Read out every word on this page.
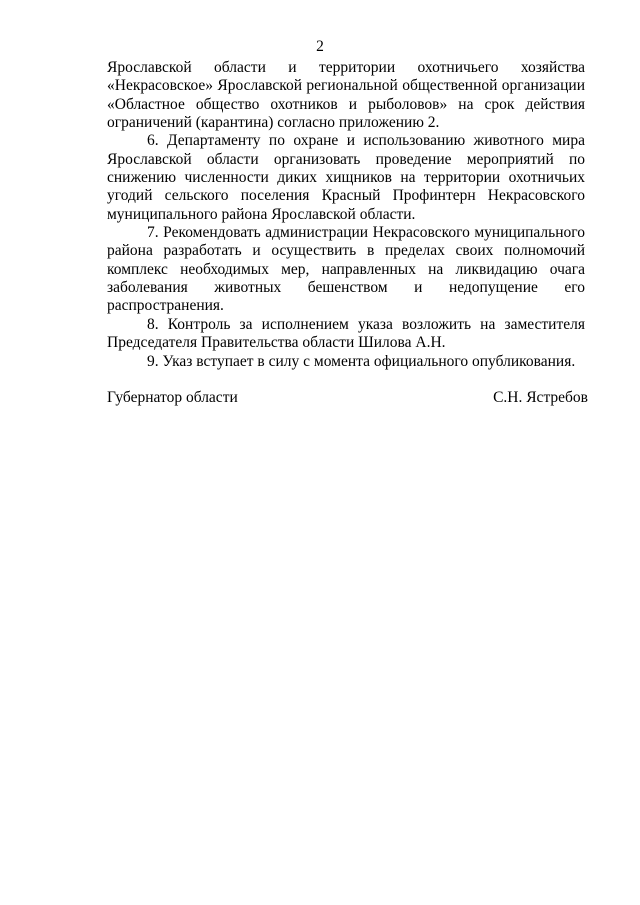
2

Ярославской области и территории охотничьего хозяйства «Некрасовское» Ярославской региональной общественной организации «Областное общество охотников и рыболовов» на срок действия ограничений (карантина) согласно приложению 2.

6. Департаменту по охране и использованию животного мира Ярославской области организовать проведение мероприятий по снижению численности диких хищников на территории охотничьих угодий сельского поселения Красный Профинтерн Некрасовского муниципального района Ярославской области.

7. Рекомендовать администрации Некрасовского муниципального района разработать и осуществить в пределах своих полномочий комплекс необходимых мер, направленных на ликвидацию очага заболевания животных бешенством и недопущение его распространения.

8. Контроль за исполнением указа возложить на заместителя Председателя Правительства области Шилова А.Н.

9. Указ вступает в силу с момента официального опубликования.

Губернатор области	С.Н. Ястребов
